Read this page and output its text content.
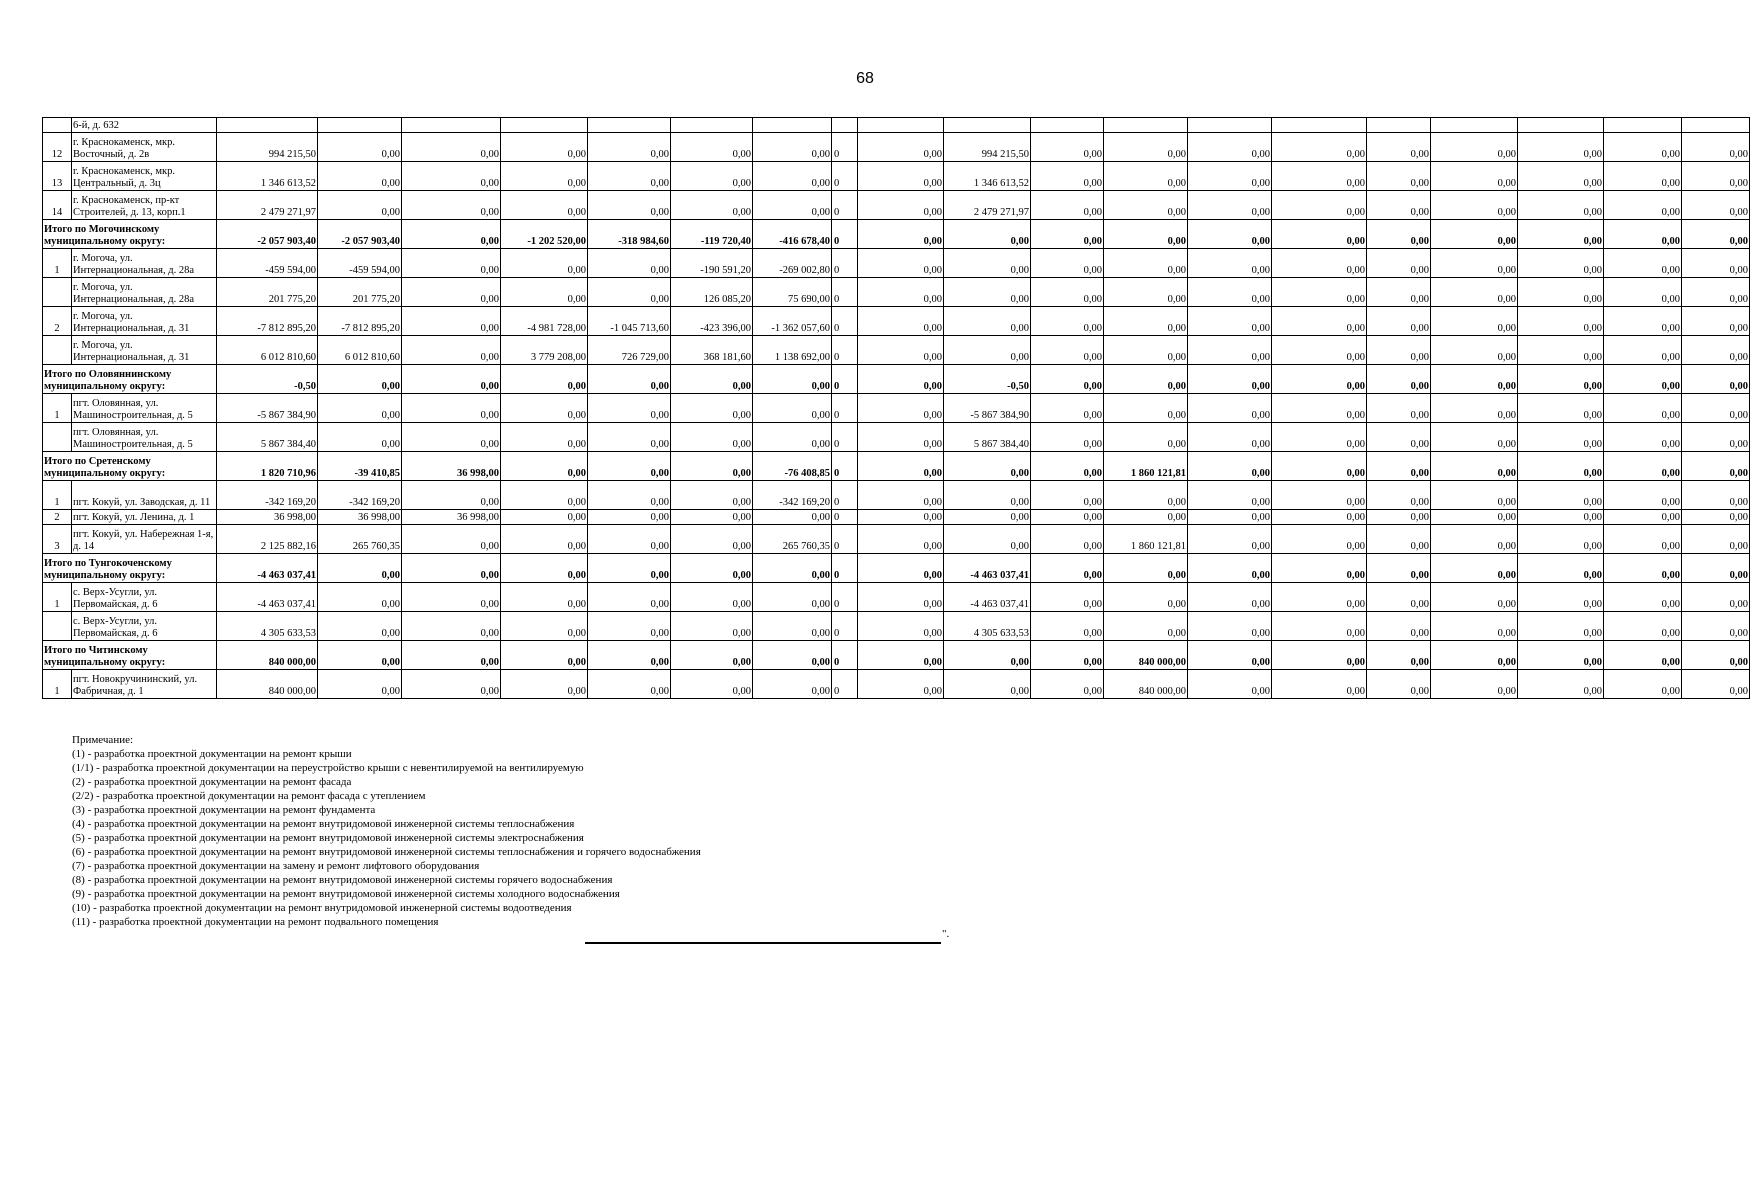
68
	6-й, д. 632																			
12	г. Краснокаменск, мкр. Восточный, д. 2в	994 215,50	0,00	0,00	0,00	0,00	0,00	0,00	0	0,00	994 215,50	0,00	0,00	0,00	0,00	0,00	0,00	0,00	0,00	0,00
13	г. Краснокаменск, мкр. Центральный, д. 3ц	1 346 613,52	0,00	0,00	0,00	0,00	0,00	0,00	0	0,00	1 346 613,52	0,00	0,00	0,00	0,00	0,00	0,00	0,00	0,00	0,00
14	г. Краснокаменск, пр-кт Строителей, д. 13, корп.1	2 479 271,97	0,00	0,00	0,00	0,00	0,00	0,00	0	0,00	2 479 271,97	0,00	0,00	0,00	0,00	0,00	0,00	0,00	0,00	0,00
Итого по Могочинскому муниципальному округу:		-2 057 903,40	-2 057 903,40	0,00	-1 202 520,00	-318 984,60	-119 720,40	-416 678,40	0	0,00	0,00	0,00	0,00	0,00	0,00	0,00	0,00	0,00	0,00	0,00
1	г. Могоча, ул. Интернациональная, д. 28а	-459 594,00	-459 594,00	0,00	0,00	0,00	-190 591,20	-269 002,80	0	0,00	0,00	0,00	0,00	0,00	0,00	0,00	0,00	0,00	0,00	0,00
	г. Могоча, ул. Интернациональная, д. 28а	201 775,20	201 775,20	0,00	0,00	0,00	126 085,20	75 690,00	0	0,00	0,00	0,00	0,00	0,00	0,00	0,00	0,00	0,00	0,00	0,00
2	г. Могоча, ул. Интернациональная, д. 31	-7 812 895,20	-7 812 895,20	0,00	-4 981 728,00	-1 045 713,60	-423 396,00	-1 362 057,60	0	0,00	0,00	0,00	0,00	0,00	0,00	0,00	0,00	0,00	0,00	0,00
	г. Могоча, ул. Интернациональная, д. 31	6 012 810,60	6 012 810,60	0,00	3 779 208,00	726 729,00	368 181,60	1 138 692,00	0	0,00	0,00	0,00	0,00	0,00	0,00	0,00	0,00	0,00	0,00	0,00
Итого по Оловяннинскому муниципальному округу:		-0,50	0,00	0,00	0,00	0,00	0,00	0,00	0	0,00	-0,50	0,00	0,00	0,00	0,00	0,00	0,00	0,00	0,00	0,00
1	пгт. Оловянная, ул. Машиностроительная, д. 5	-5 867 384,90	0,00	0,00	0,00	0,00	0,00	0,00	0	0,00	-5 867 384,90	0,00	0,00	0,00	0,00	0,00	0,00	0,00	0,00	0,00
	пгт. Оловянная, ул. Машиностроительная, д. 5	5 867 384,40	0,00	0,00	0,00	0,00	0,00	0,00	0	0,00	5 867 384,40	0,00	0,00	0,00	0,00	0,00	0,00	0,00	0,00	0,00
Итого по Сретенскому муниципальному округу:		1 820 710,96	-39 410,85	36 998,00	0,00	0,00	0,00	-76 408,85	0	0,00	0,00	0,00	1 860 121,81	0,00	0,00	0,00	0,00	0,00	0,00	0,00
1	пгт. Кокуй, ул. Заводская, д. 11	-342 169,20	-342 169,20	0,00	0,00	0,00	0,00	-342 169,20	0	0,00	0,00	0,00	0,00	0,00	0,00	0,00	0,00	0,00	0,00	0,00
2	пгт. Кокуй, ул. Ленина, д. 1	36 998,00	36 998,00	36 998,00	0,00	0,00	0,00	0,00	0	0,00	0,00	0,00	0,00	0,00	0,00	0,00	0,00	0,00	0,00	0,00
3	пгт. Кокуй, ул. Набережная 1-я, д. 14	2 125 882,16	265 760,35	0,00	0,00	0,00	0,00	265 760,35	0	0,00	0,00	0,00	1 860 121,81	0,00	0,00	0,00	0,00	0,00	0,00	0,00
Итого по Тунгокоченскому муниципальному округу:		-4 463 037,41	0,00	0,00	0,00	0,00	0,00	0,00	0	0,00	-4 463 037,41	0,00	0,00	0,00	0,00	0,00	0,00	0,00	0,00	0,00
1	с. Верх-Усугли, ул. Первомайская, д. 6	-4 463 037,41	0,00	0,00	0,00	0,00	0,00	0,00	0	0,00	-4 463 037,41	0,00	0,00	0,00	0,00	0,00	0,00	0,00	0,00	0,00
	с. Верх-Усугли, ул. Первомайская, д. 6	4 305 633,53	0,00	0,00	0,00	0,00	0,00	0,00	0	0,00	4 305 633,53	0,00	0,00	0,00	0,00	0,00	0,00	0,00	0,00	0,00
Итого по Читинскому муниципальному округу:		840 000,00	0,00	0,00	0,00	0,00	0,00	0,00	0	0,00	0,00	0,00	840 000,00	0,00	0,00	0,00	0,00	0,00	0,00	0,00
1	пгт. Новокручининский, ул. Фабричная, д. 1	840 000,00	0,00	0,00	0,00	0,00	0,00	0,00	0	0,00	0,00	0,00	840 000,00	0,00	0,00	0,00	0,00	0,00	0,00	0,00
Примечание:
(1) - разработка проектной документации на ремонт крыши
(1/1) - разработка проектной документации на переустройство крыши с невентилируемой на вентилируемую
(2) - разработка проектной документации на ремонт фасада
(2/2) - разработка проектной документации на ремонт фасада с утеплением
(3) - разработка проектной документации на ремонт фундамента
(4) - разработка проектной документации на ремонт внутридомовой инженерной системы теплоснабжения
(5) - разработка проектной документации на ремонт внутридомовой инженерной системы электроснабжения
(6) - разработка проектной документации на ремонт внутридомовой инженерной системы теплоснабжения и горячего водоснабжения
(7) - разработка проектной документации на замену и ремонт лифтового оборудования
(8) - разработка проектной документации на ремонт внутридомовой инженерной системы горячего водоснабжения
(9) - разработка проектной документации на ремонт внутридомовой инженерной системы холодного водоснабжения
(10) - разработка проектной документации на ремонт внутридомовой инженерной системы водоотведения
(11) - разработка проектной документации на ремонт подвального помещения
".
